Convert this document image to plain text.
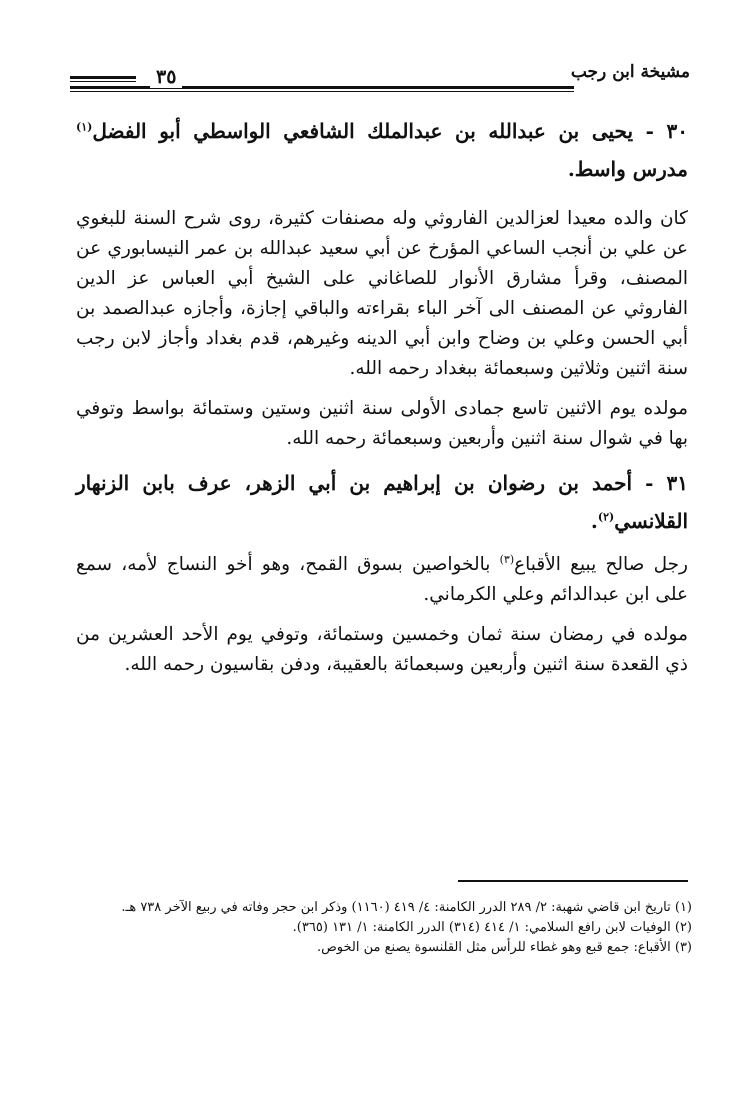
٣٥	مشيخة ابن رجب

٣٠ - يحيى بن عبدالله بن عبدالملك الشافعي الواسطي أبو الفضل$^{(١)}$ مدرس واسط.

كان والده معيدا لعزالدين الفاروثي وله مصنفات كثيرة، روى شرح السنة للبغوي عن علي بن أنجب الساعي المؤرخ عن أبي سعيد عبدالله بن عمر النيسابوري عن المصنف، وقرأ مشارق الأنوار للصاغاني على الشيخ أبي العباس عز الدين الفاروثي عن المصنف الى آخر الباء بقراءته والباقي إجازة، وأجازه عبدالصمد بن أبي الحسن وعلي بن وضاح وابن أبي الدينه وغيرهم، قدم بغداد وأجاز لابن رجب سنة اثنين وثلاثين وسبعمائة ببغداد رحمه الله.

مولده يوم الاثنين تاسع جمادى الأولى سنة اثنين وستين وستمائة بواسط وتوفي بها في شوال سنة اثنين وأربعين وسبعمائة رحمه الله.

٣١ - أحمد بن رضوان بن إبراهيم بن أبي الزهر، عرف بابن الزنهار القلانسي$^{(٢)}$.

رجل صالح يبيع الأقباع$^{(٣)}$ بالخواصين بسوق القمح، وهو أخو النساج لأمه، سمع على ابن عبدالدائم وعلي الكرماني.

مولده في رمضان سنة ثمان وخمسين وستمائة، وتوفي يوم الأحد العشرين من ذي القعدة سنة اثنين وأربعين وسبعمائة بالعقيبة، ودفن بقاسيون رحمه الله.

(١) تاريخ ابن قاضي شهبة: ٢/ ٢٨٩ الدرر الكامنة: ٤/ ٤١٩ (١١٦٠) وذكر ابن حجر وفاته في ربيع الآخر ٧٣٨ هـ.

(٢) الوفيات لابن رافع السلامي: ١/ ٤١٤ (٣١٤) الدرر الكامنة: ١/ ١٣١ (٣٦٥).

(٣) الأقباع: جمع قبع وهو غطاء للرأس مثل القلنسوة يصنع من الخوص.
